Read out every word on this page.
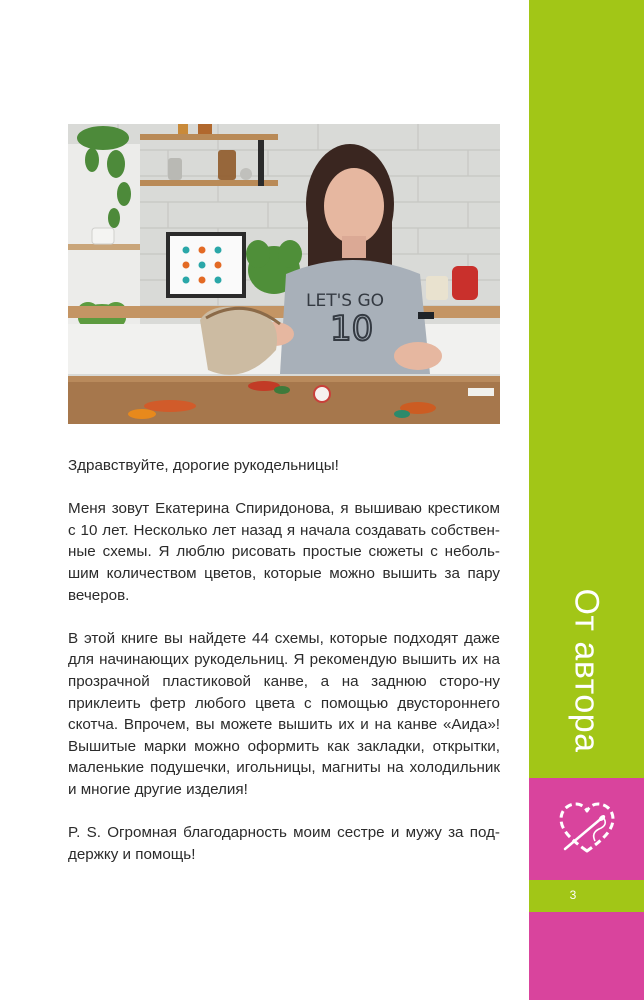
LET'S GO
10

Здравствуйте, дорогие рукодельницы!

Меня зовут Екатерина Спиридонова, я вышиваю крестиком с 10 лет. Несколько лет назад я начала создавать собствен-ные схемы. Я люблю рисовать простые сюжеты с неболь-шим количеством цветов, которые можно вышить за пару вечеров.

В этой книге вы найдете 44 схемы, которые подходят даже для начинающих рукодельниц. Я рекомендую вышить их на прозрачной пластиковой канве, а на заднюю сторо-ну приклеить фетр любого цвета с помощью двустороннего скотча. Впрочем, вы можете вышить их и на канве «Аида»! Вышитые марки можно оформить как закладки, открытки, маленькие подушечки, игольницы, магниты на холодильник и многие другие изделия!

P. S. Огромная благодарность моим сестре и мужу за под-держку и помощь!

От автора
3
